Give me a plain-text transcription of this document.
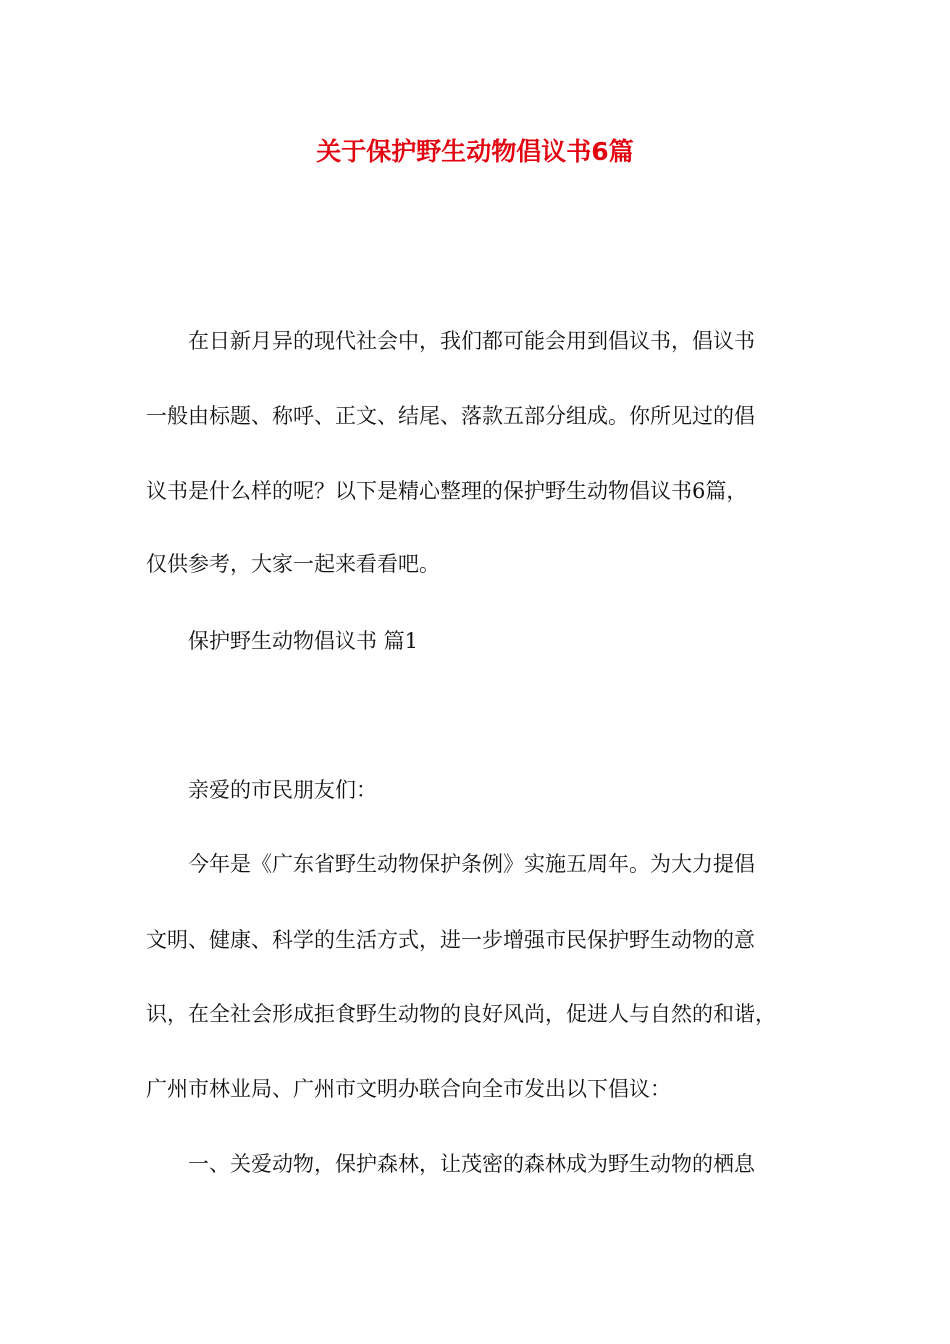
关于保护野生动物倡议书6篇
在日新月异的现代社会中，我们都可能会用到倡议书，倡议书
一般由标题、称呼、正文、结尾、落款五部分组成。你所见过的倡
议书是什么样的呢？以下是精心整理的保护野生动物倡议书6篇，
仅供参考，大家一起来看看吧。
保护野生动物倡议书 篇1
亲爱的市民朋友们：
今年是《广东省野生动物保护条例》实施五周年。为大力提倡
文明、健康、科学的生活方式，进一步增强市民保护野生动物的意
识，在全社会形成拒食野生动物的良好风尚，促进人与自然的和谐，
广州市林业局、广州市文明办联合向全市发出以下倡议：
一、关爱动物，保护森林，让茂密的森林成为野生动物的栖息
